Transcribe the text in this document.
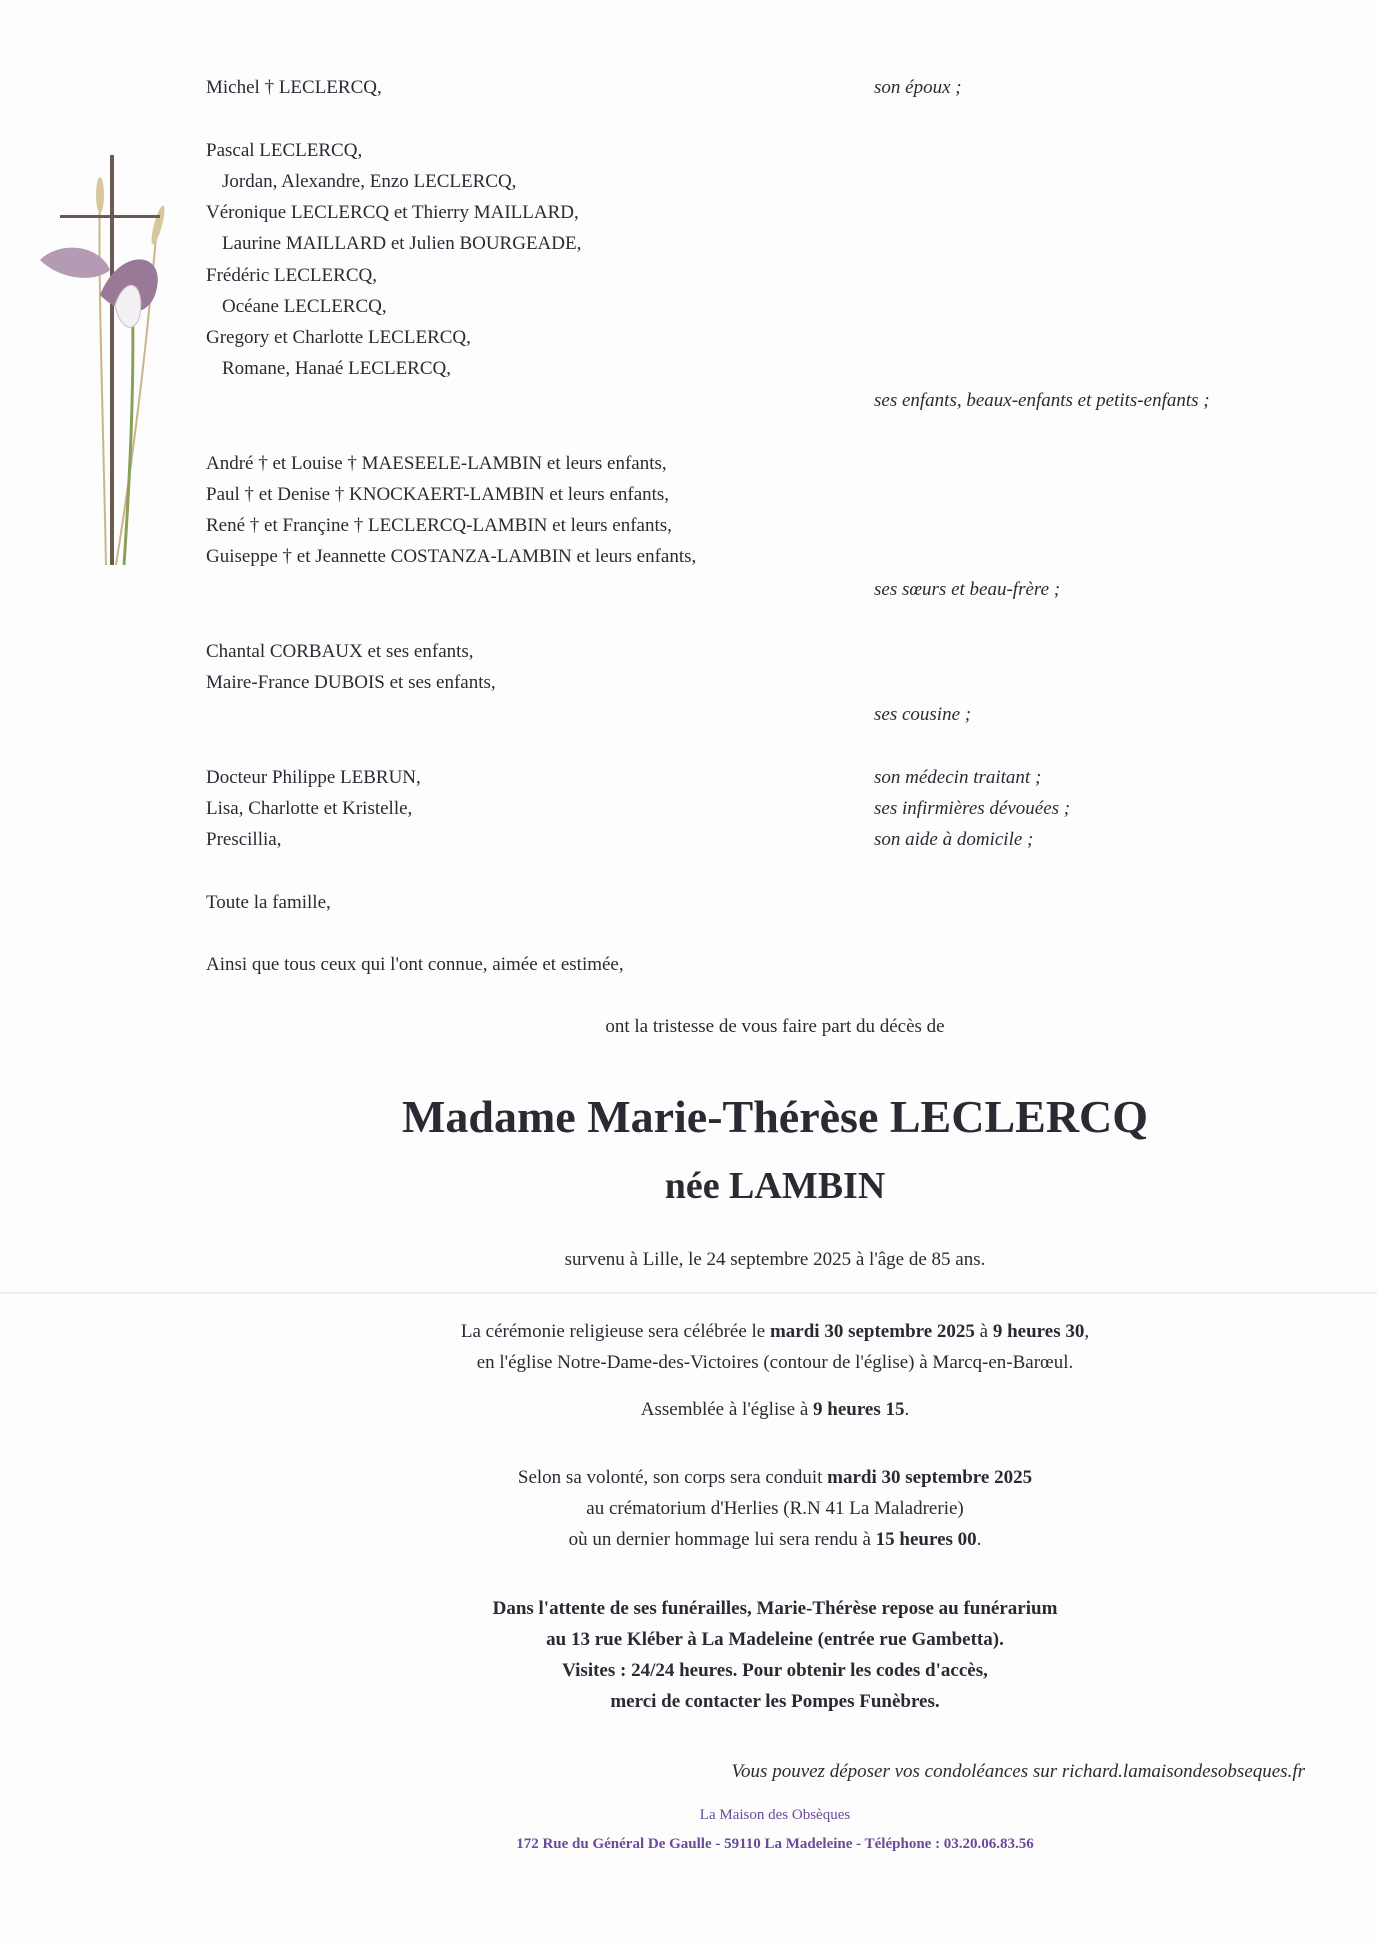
Michel † LECLERCQ,	son époux ;
Pascal LECLERCQ,
Jordan, Alexandre, Enzo LECLERCQ,
Véronique LECLERCQ et Thierry MAILLARD,
Laurine MAILLARD et Julien BOURGEADE,
Frédéric LECLERCQ,
Océane LECLERCQ,
Gregory et Charlotte LECLERCQ,
Romane, Hanaé LECLERCQ,
ses enfants, beaux-enfants et petits-enfants ;
André † et Louise † MAESEELE-LAMBIN et leurs enfants,
Paul † et Denise † KNOCKAERT-LAMBIN et leurs enfants,
René † et Françine † LECLERCQ-LAMBIN et leurs enfants,
Guiseppe † et Jeannette COSTANZA-LAMBIN et leurs enfants,
ses sœurs et beau-frère ;
Chantal CORBAUX et ses enfants,
Maire-France DUBOIS et ses enfants,
ses cousine ;
Docteur Philippe LEBRUN,	son médecin traitant ;
Lisa, Charlotte et Kristelle,	ses infirmières dévouées ;
Prescillia,	son aide à domicile ;
Toute la famille,
Ainsi que tous ceux qui l'ont connue, aimée et estimée,
ont la tristesse de vous faire part du décès de
Madame Marie-Thérèse LECLERCQ
née LAMBIN
survenu à Lille, le 24 septembre 2025 à l'âge de 85 ans.
La cérémonie religieuse sera célébrée le mardi 30 septembre 2025 à 9 heures 30,
en l'église Notre-Dame-des-Victoires (contour de l'église) à Marcq-en-Barœul.
Assemblée à l'église à 9 heures 15.
Selon sa volonté, son corps sera conduit mardi 30 septembre 2025
au crématorium d'Herlies (R.N 41 La Maladrerie)
où un dernier hommage lui sera rendu à 15 heures 00.
Dans l'attente de ses funérailles, Marie-Thérèse repose au funérarium
au 13 rue Kléber à La Madeleine (entrée rue Gambetta).
Visites : 24/24 heures. Pour obtenir les codes d'accès,
merci de contacter les Pompes Funèbres.
Vous pouvez déposer vos condoléances sur richard.lamaisondesobseques.fr
La Maison des Obsèques
172 Rue du Général De Gaulle - 59110 La Madeleine - Téléphone : 03.20.06.83.56
